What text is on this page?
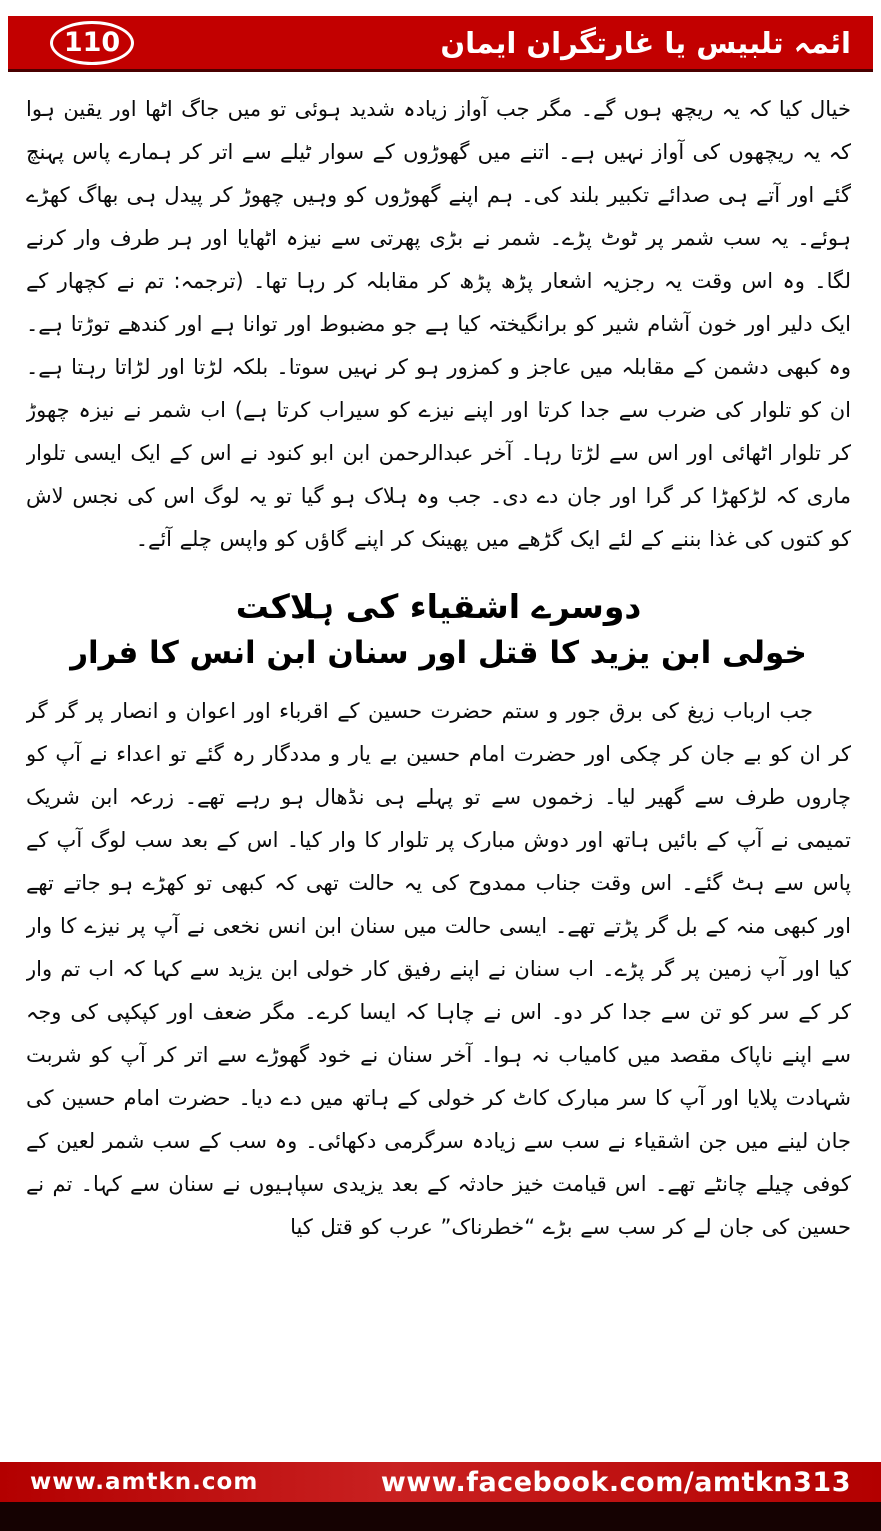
110	ائمہ تلبیس یا غارتگران ایمان

خیال کیا کہ یہ ریچھ ہوں گے۔ مگر جب آواز زیادہ شدید ہوئی تو میں جاگ اٹھا اور یقین ہوا کہ یہ ریچھوں کی آواز نہیں ہے۔ اتنے میں گھوڑوں کے سوار ٹیلے سے اتر کر ہمارے پاس پہنچ گئے اور آتے ہی صدائے تکبیر بلند کی۔ ہم اپنے گھوڑوں کو وہیں چھوڑ کر پیدل ہی بھاگ کھڑے ہوئے۔ یہ سب شمر پر ٹوٹ پڑے۔ شمر نے بڑی پھرتی سے نیزہ اٹھایا اور ہر طرف وار کرنے لگا۔ وہ اس وقت یہ رجزیہ اشعار پڑھ پڑھ کر مقابلہ کر رہا تھا۔ (ترجمہ: تم نے کچھار کے ایک دلیر اور خون آشام شیر کو برانگیختہ کیا ہے جو مضبوط اور توانا ہے اور کندھے توڑتا ہے۔ وہ کبھی دشمن کے مقابلہ میں عاجز و کمزور ہو کر نہیں سوتا۔ بلکہ لڑتا اور لڑاتا رہتا ہے۔ ان کو تلوار کی ضرب سے جدا کرتا اور اپنے نیزے کو سیراب کرتا ہے) اب شمر نے نیزہ چھوڑ کر تلوار اٹھائی اور اس سے لڑتا رہا۔ آخر عبدالرحمن ابن ابو کنود نے اس کے ایک ایسی تلوار ماری کہ لڑکھڑا کر گرا اور جان دے دی۔ جب وہ ہلاک ہو گیا تو یہ لوگ اس کی نجس لاش کو کتوں کی غذا بننے کے لئے ایک گڑھے میں پھینک کر اپنے گاؤں کو واپس چلے آئے۔

دوسرے اشقیاء کی ہلاکت
خولی ابن یزید کا قتل اور سنان ابن انس کا فرار

جب ارباب زیغ کی برق جور و ستم حضرت حسین کے اقرباء اور اعوان و انصار پر گر گر کر ان کو بے جان کر چکی اور حضرت امام حسین بے یار و مددگار رہ گئے تو اعداء نے آپ کو چاروں طرف سے گھیر لیا۔ زخموں سے تو پہلے ہی نڈھال ہو رہے تھے۔ زرعہ ابن شریک تمیمی نے آپ کے بائیں ہاتھ اور دوش مبارک پر تلوار کا وار کیا۔ اس کے بعد سب لوگ آپ کے پاس سے ہٹ گئے۔ اس وقت جناب ممدوح کی یہ حالت تھی کہ کبھی تو کھڑے ہو جاتے تھے اور کبھی منہ کے بل گر پڑتے تھے۔ ایسی حالت میں سنان ابن انس نخعی نے آپ پر نیزے کا وار کیا اور آپ زمین پر گر پڑے۔ اب سنان نے اپنے رفیق کار خولی ابن یزید سے کہا کہ اب تم وار کر کے سر کو تن سے جدا کر دو۔ اس نے چاہا کہ ایسا کرے۔ مگر ضعف اور کپکپی کی وجہ سے اپنے ناپاک مقصد میں کامیاب نہ ہوا۔ آخر سنان نے خود گھوڑے سے اتر کر آپ کو شربت شہادت پلایا اور آپ کا سر مبارک کاٹ کر خولی کے ہاتھ میں دے دیا۔ حضرت امام حسین کی جان لینے میں جن اشقیاء نے سب سے زیادہ سرگرمی دکھائی۔ وہ سب کے سب شمر لعین کے کوفی چیلے چانٹے تھے۔ اس قیامت خیز حادثہ کے بعد یزیدی سپاہیوں نے سنان سے کہا۔ تم نے حسین کی جان لے کر سب سے بڑے “خطرناک” عرب کو قتل کیا

www.amtkn.com	www.facebook.com/amtkn313
